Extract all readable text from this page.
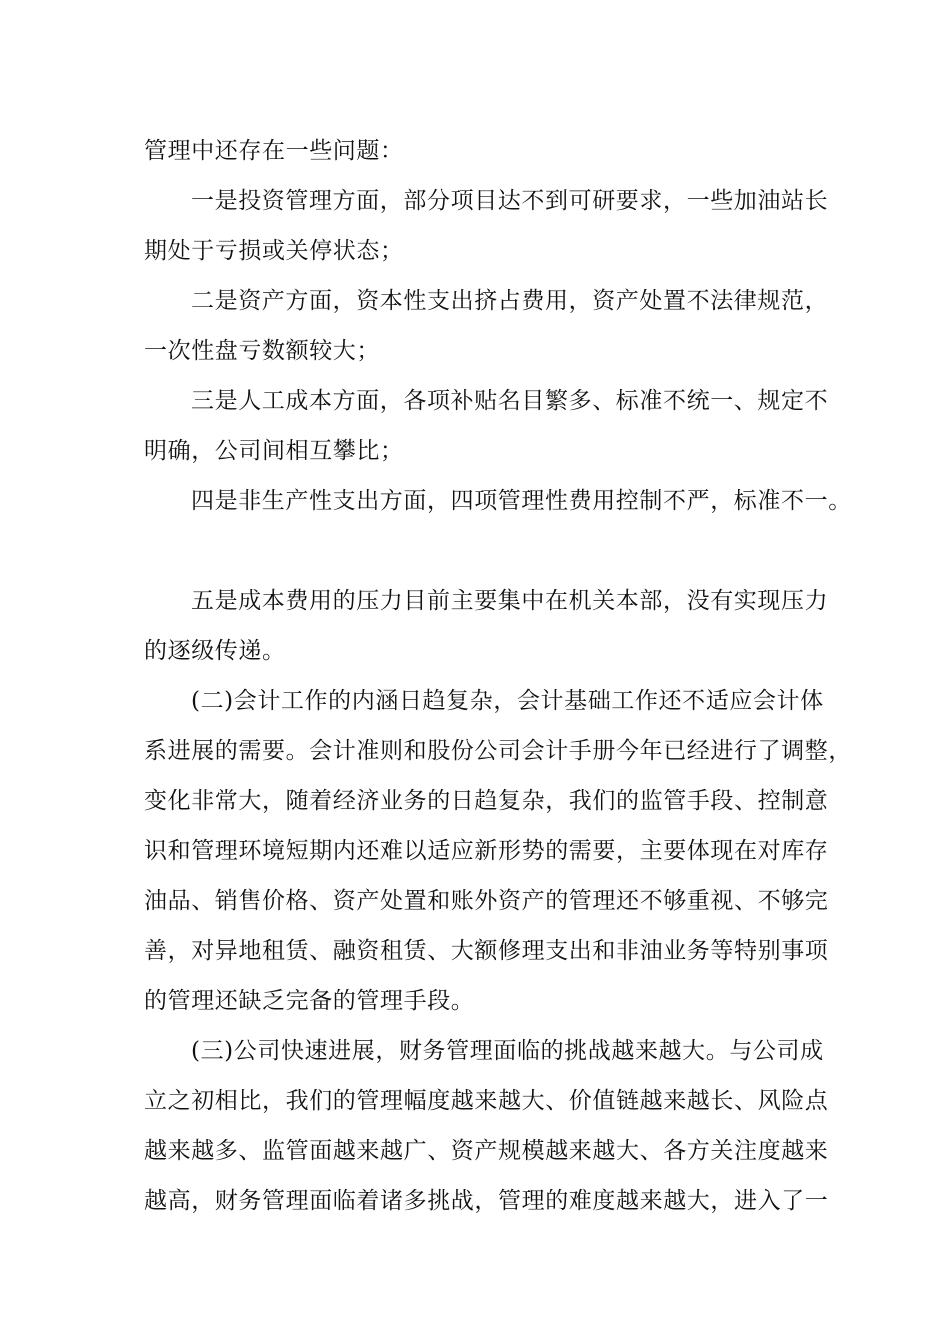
管理中还存在一些问题：
一是投资管理方面，部分项目达不到可研要求，一些加油站长
期处于亏损或关停状态；
二是资产方面，资本性支出挤占费用，资产处置不法律规范，
一次性盘亏数额较大；
三是人工成本方面，各项补贴名目繁多、标准不统一、规定不
明确，公司间相互攀比；
四是非生产性支出方面，四项管理性费用控制不严，标准不一。
五是成本费用的压力目前主要集中在机关本部，没有实现压力
的逐级传递。
(二)会计工作的内涵日趋复杂，会计基础工作还不适应会计体
系进展的需要。会计准则和股份公司会计手册今年已经进行了调整，
变化非常大，随着经济业务的日趋复杂，我们的监管手段、控制意
识和管理环境短期内还难以适应新形势的需要，主要体现在对库存
油品、销售价格、资产处置和账外资产的管理还不够重视、不够完
善，对异地租赁、融资租赁、大额修理支出和非油业务等特别事项
的管理还缺乏完备的管理手段。
(三)公司快速进展，财务管理面临的挑战越来越大。与公司成
立之初相比，我们的管理幅度越来越大、价值链越来越长、风险点
越来越多、监管面越来越广、资产规模越来越大、各方关注度越来
越高，财务管理面临着诸多挑战，管理的难度越来越大，进入了一
